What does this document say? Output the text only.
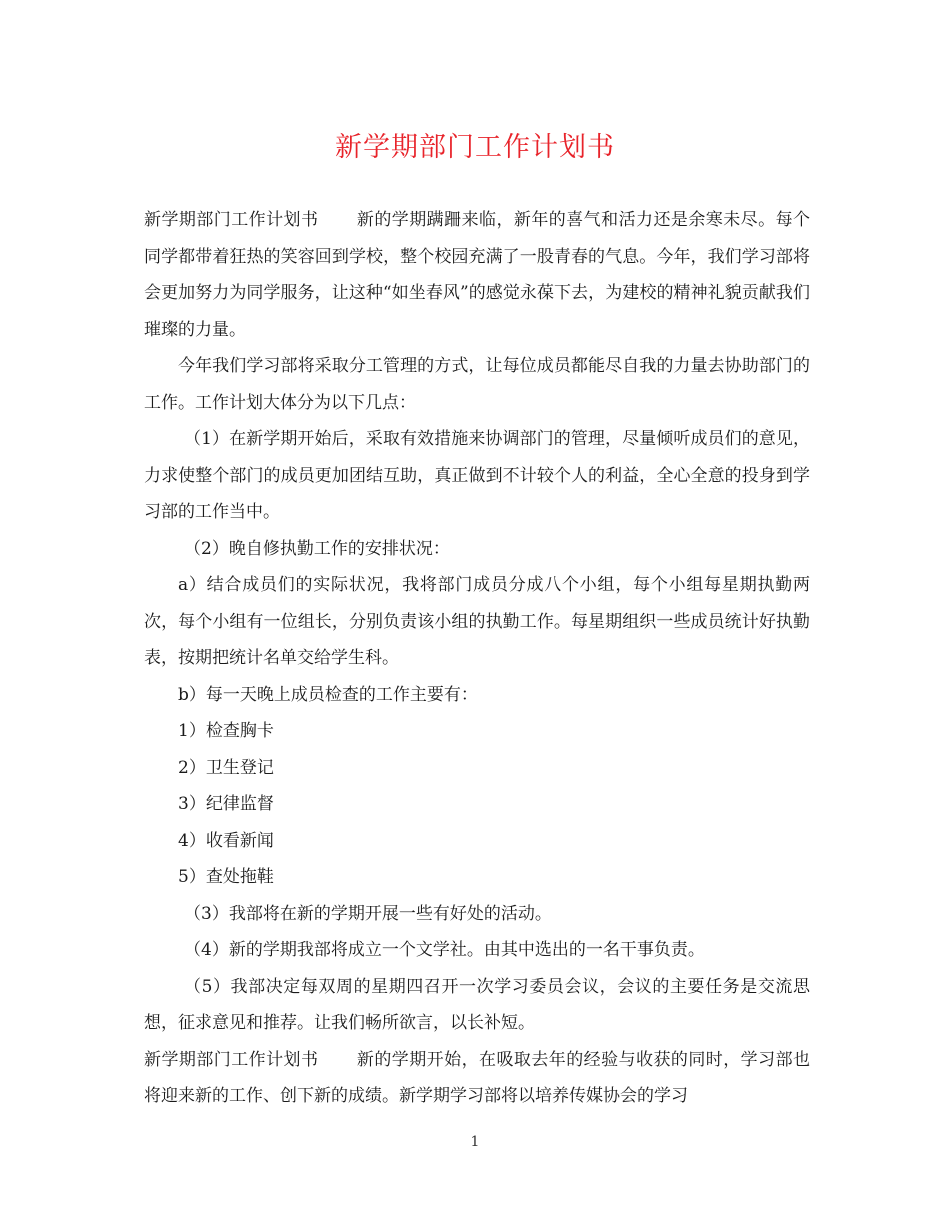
新学期部门工作计划书

新学期部门工作计划书 新的学期蹒跚来临，新年的喜气和活力还是余寒未尽。每个同学都带着狂热的笑容回到学校，整个校园充满了一股青春的气息。今年，我们学习部将会更加努力为同学服务，让这种“如坐春风”的感觉永葆下去，为建校的精神礼貌贡献我们璀璨的力量。

今年我们学习部将采取分工管理的方式，让每位成员都能尽自我的力量去协助部门的工作。工作计划大体分为以下几点：

（1）在新学期开始后，采取有效措施来协调部门的管理，尽量倾听成员们的意见，力求使整个部门的成员更加团结互助，真正做到不计较个人的利益，全心全意的投身到学习部的工作当中。

（2）晚自修执勤工作的安排状况：

a）结合成员们的实际状况，我将部门成员分成八个小组，每个小组每星期执勤两次，每个小组有一位组长，分别负责该小组的执勤工作。每星期组织一些成员统计好执勤表，按期把统计名单交给学生科。

b）每一天晚上成员检查的工作主要有：

1）检查胸卡

2）卫生登记

3）纪律监督

4）收看新闻

5）查处拖鞋

（3）我部将在新的学期开展一些有好处的活动。

（4）新的学期我部将成立一个文学社。由其中选出的一名干事负责。

（5）我部决定每双周的星期四召开一次学习委员会议，会议的主要任务是交流思想，征求意见和推荐。让我们畅所欲言，以长补短。

新学期部门工作计划书 新的学期开始，在吸取去年的经验与收获的同时，学习部也将迎来新的工作、创下新的成绩。新学期学习部将以培养传媒协会的学习

1
